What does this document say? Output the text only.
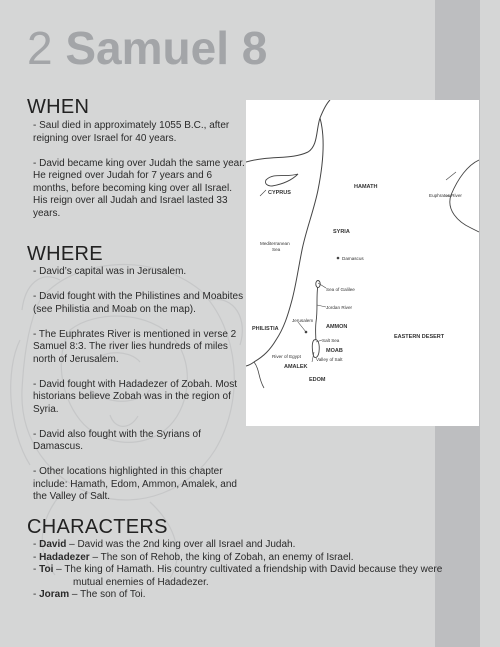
2 Samuel 8
WHEN

- Saul died in approximately 1055 B.C., after reigning over Israel for 40 years.

- David became king over Judah the same year. He reigned over Judah for 7 years and 6 months, before becoming king over all Israel. His reign over all Judah and Israel lasted 33 years.

WHERE

- David’s capital was in Jerusalem.

- David fought with the Philistines and Moabites (see Philistia and Moab on the map).

- The Euphrates River is mentioned in verse 2 Samuel 8:3. The river lies hundreds of miles north of Jerusalem.

- David fought with Hadadezer of Zobah. Most historians believe Zobah was in the region of Syria.

- David also fought with the Syrians of Damascus.

- Other locations highlighted in this chapter include: Hamath, Edom, Ammon, Amalek, and the Valley of Salt.

CYPRUS
HAMATH
Euphrates River
Mediterranean
Sea
SYRIA
Damascus
Sea of Galilee
Jordan River
PHILISTIA
Jerusalem
AMMON
EASTERN DESERT
Salt Sea
MOAB
River of Egypt
Valley of Salt
AMALEK
EDOM
CHARACTERS
- David – David was the 2nd king over all Israel and Judah.
- Hadadezer – The son of Rehob, the king of Zobah, an enemy of Israel.
- Toi – The king of Hamath. His country cultivated a friendship with David because they were mutual enemies of Hadadezer.
- Joram – The son of Toi.
